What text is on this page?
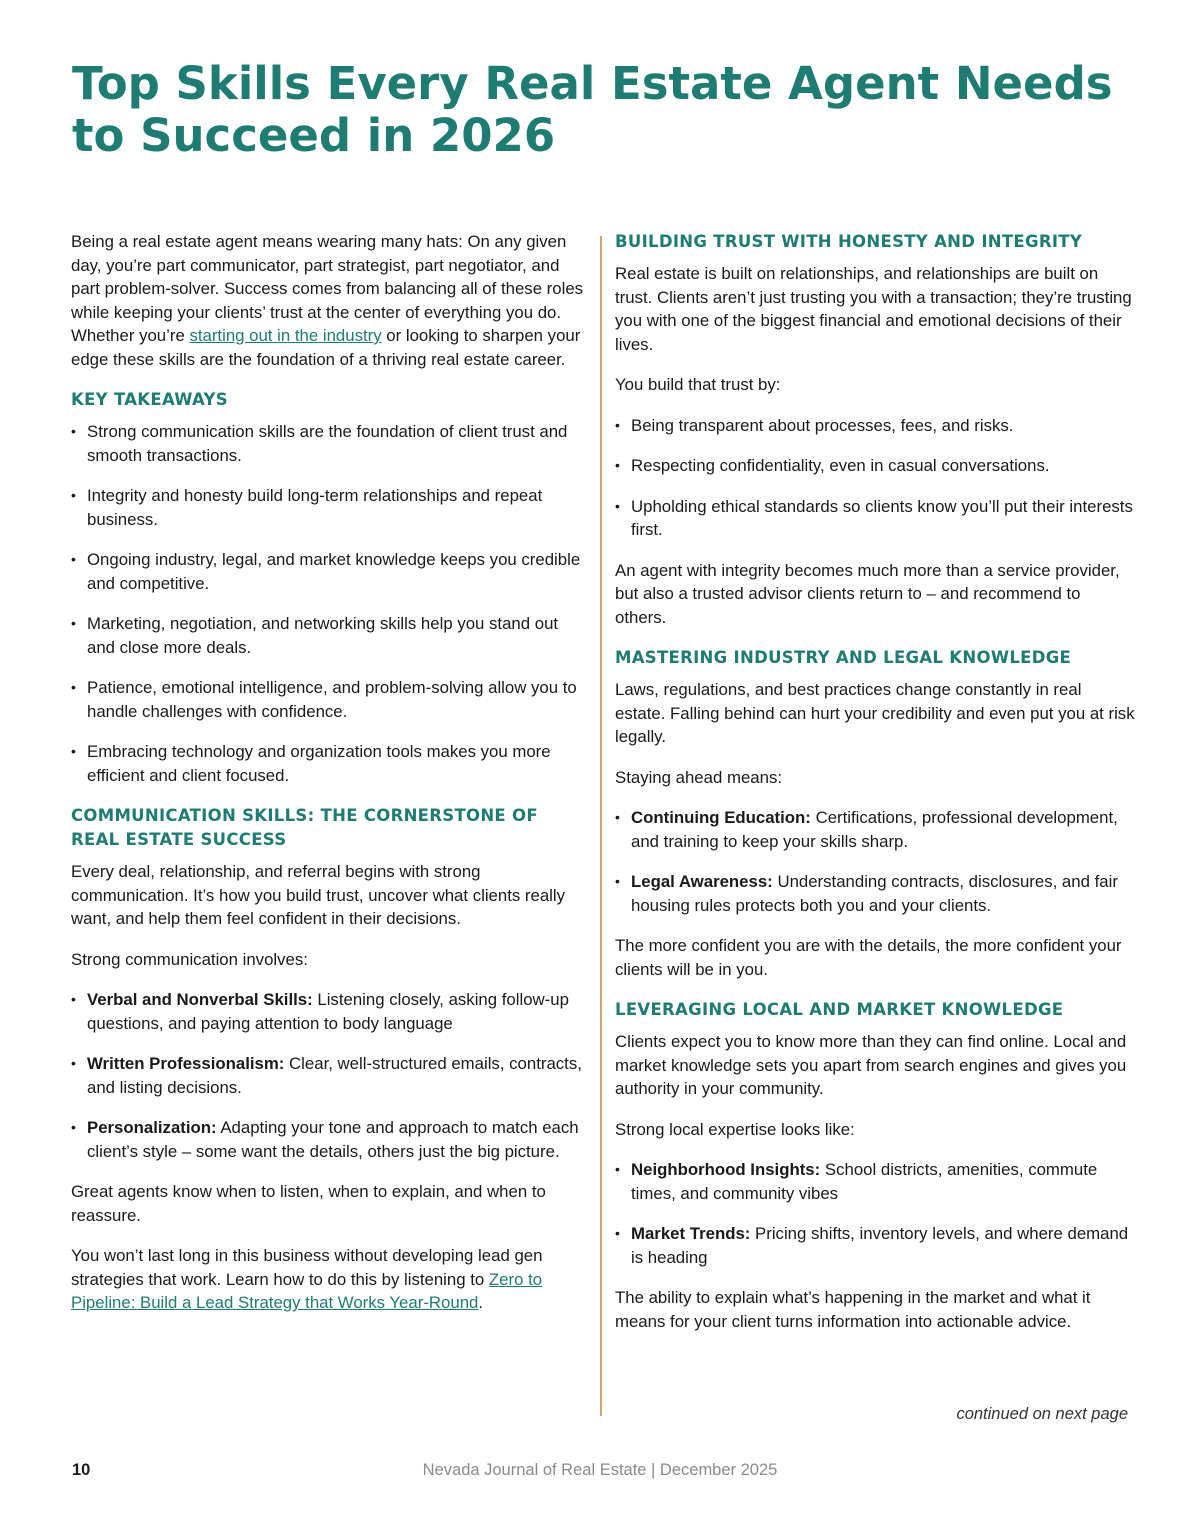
Top Skills Every Real Estate Agent Needs to Succeed in 2026

Being a real estate agent means wearing many hats: On any given day, you’re part communicator, part strategist, part negotiator, and part problem-solver. Success comes from balancing all of these roles while keeping your clients’ trust at the center of everything you do. Whether you’re starting out in the industry or looking to sharpen your edge these skills are the foundation of a thriving real estate career.

KEY TAKEAWAYS
• Strong communication skills are the foundation of client trust and smooth transactions.
• Integrity and honesty build long-term relationships and repeat business.
• Ongoing industry, legal, and market knowledge keeps you credible and competitive.
• Marketing, negotiation, and networking skills help you stand out and close more deals.
• Patience, emotional intelligence, and problem-solving allow you to handle challenges with confidence.
• Embracing technology and organization tools makes you more efficient and client focused.
COMMUNICATION SKILLS: THE CORNERSTONE OF REAL ESTATE SUCCESS

Every deal, relationship, and referral begins with strong communication. It’s how you build trust, uncover what clients really want, and help them feel confident in their decisions.

Strong communication involves:

• Verbal and Nonverbal Skills: Listening closely, asking follow-up questions, and paying attention to body language
• Written Professionalism: Clear, well-structured emails, contracts, and listing decisions.
• Personalization: Adapting your tone and approach to match each client’s style – some want the details, others just the big picture.

Great agents know when to listen, when to explain, and when to reassure.

You won’t last long in this business without developing lead gen strategies that work. Learn how to do this by listening to Zero to Pipeline: Build a Lead Strategy that Works Year-Round.

BUILDING TRUST WITH HONESTY AND INTEGRITY

Real estate is built on relationships, and relationships are built on trust. Clients aren’t just trusting you with a transaction; they’re trusting you with one of the biggest financial and emotional decisions of their lives.

You build that trust by:

• Being transparent about processes, fees, and risks.
• Respecting confidentiality, even in casual conversations.
• Upholding ethical standards so clients know you’ll put their interests first.

An agent with integrity becomes much more than a service provider, but also a trusted advisor clients return to – and recommend to others.

MASTERING INDUSTRY AND LEGAL KNOWLEDGE

Laws, regulations, and best practices change constantly in real estate. Falling behind can hurt your credibility and even put you at risk legally.

Staying ahead means:

• Continuing Education: Certifications, professional development, and training to keep your skills sharp.
• Legal Awareness: Understanding contracts, disclosures, and fair housing rules protects both you and your clients.

The more confident you are with the details, the more confident your clients will be in you.

LEVERAGING LOCAL AND MARKET KNOWLEDGE

Clients expect you to know more than they can find online. Local and market knowledge sets you apart from search engines and gives you authority in your community.

Strong local expertise looks like:

• Neighborhood Insights: School districts, amenities, commute times, and community vibes
• Market Trends: Pricing shifts, inventory levels, and where demand is heading

The ability to explain what’s happening in the market and what it means for your client turns information into actionable advice.

continued on next page
10	Nevada Journal of Real Estate | December 2025
